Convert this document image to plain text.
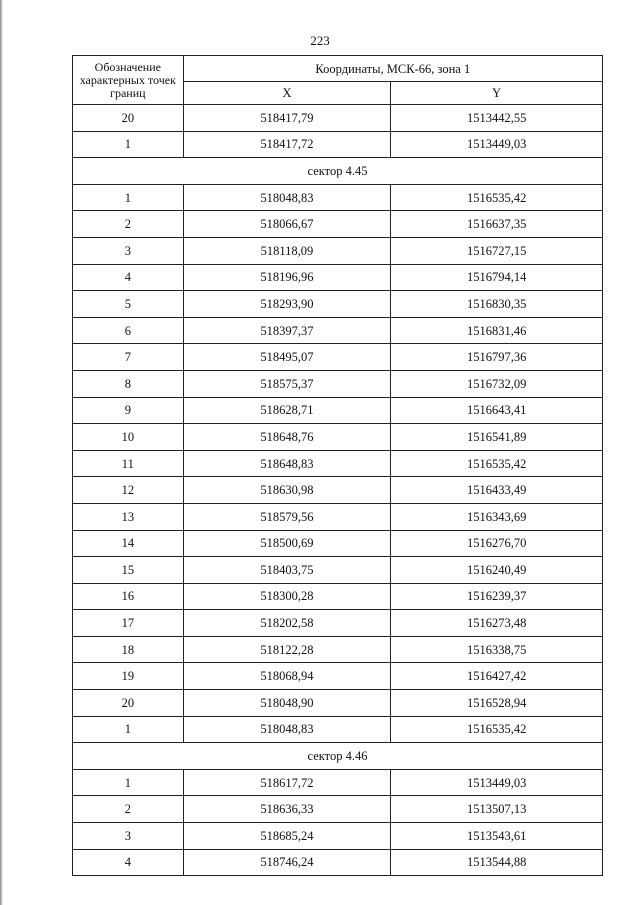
223
Обозначение характерных точек границ	Координаты, МСК-66, зона 1	
	X	Y
20	518417,79	1513442,55
1	518417,72	1513449,03
сектор 4.45		
1	518048,83	1516535,42
2	518066,67	1516637,35
3	518118,09	1516727,15
4	518196,96	1516794,14
5	518293,90	1516830,35
6	518397,37	1516831,46
7	518495,07	1516797,36
8	518575,37	1516732,09
9	518628,71	1516643,41
10	518648,76	1516541,89
11	518648,83	1516535,42
12	518630,98	1516433,49
13	518579,56	1516343,69
14	518500,69	1516276,70
15	518403,75	1516240,49
16	518300,28	1516239,37
17	518202,58	1516273,48
18	518122,28	1516338,75
19	518068,94	1516427,42
20	518048,90	1516528,94
1	518048,83	1516535,42
сектор 4.46		
1	518617,72	1513449,03
2	518636,33	1513507,13
3	518685,24	1513543,61
4	518746,24	1513544,88
